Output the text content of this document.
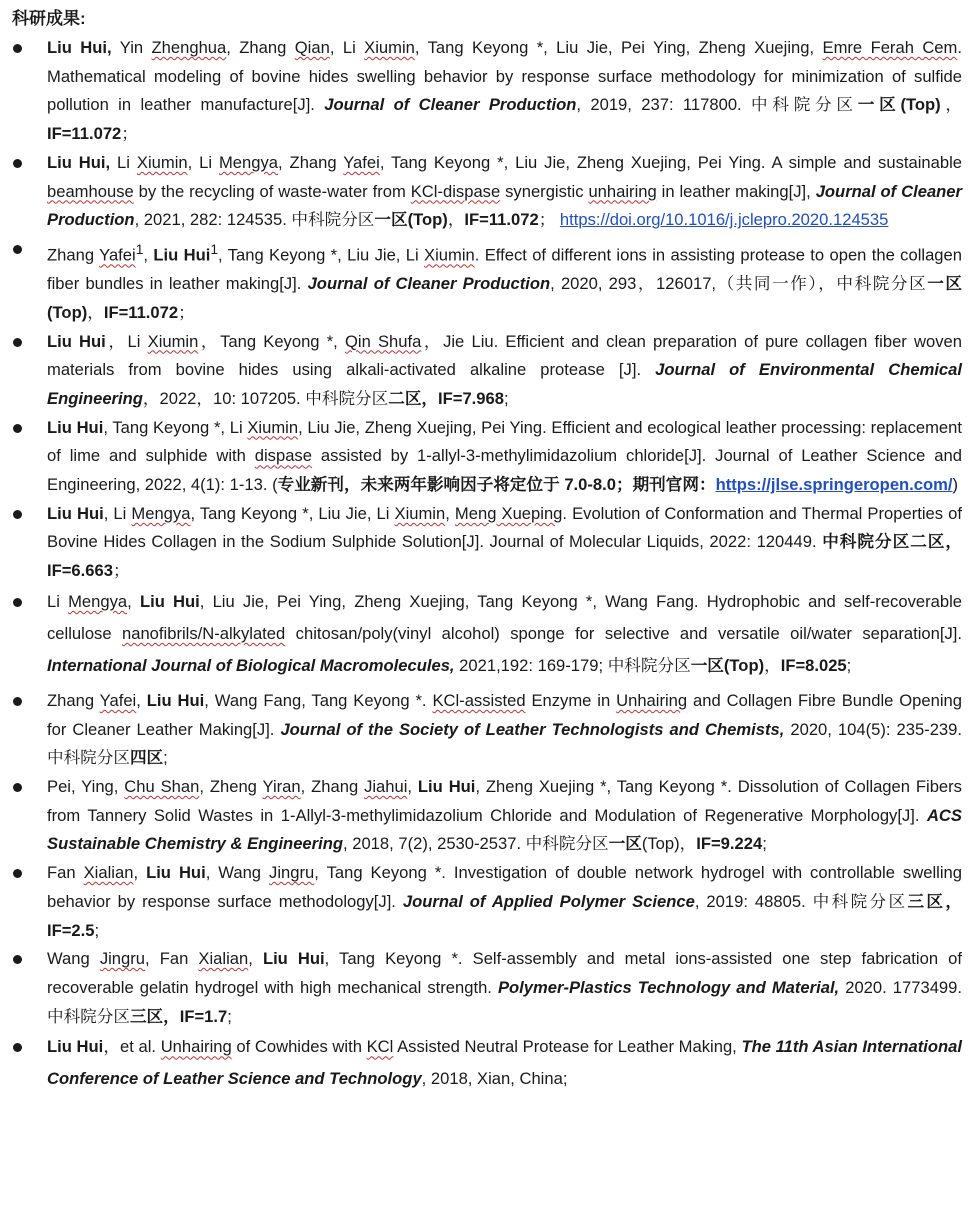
科研成果:
Liu Hui, Yin Zhenghua, Zhang Qian, Li Xiumin, Tang Keyong *, Liu Jie, Pei Ying, Zheng Xuejing, Emre Ferah Cem. Mathematical modeling of bovine hides swelling behavior by response surface methodology for minimization of sulfide pollution in leather manufacture[J]. Journal of Cleaner Production, 2019, 237: 117800. 中科院分区一区(Top)，IF=11.072；
Liu Hui, Li Xiumin, Li Mengya, Zhang Yafei, Tang Keyong *, Liu Jie, Zheng Xuejing, Pei Ying. A simple and sustainable beamhouse by the recycling of waste-water from KCl-dispase synergistic unhairing in leather making[J], Journal of Cleaner Production, 2021, 282: 124535. 中科院分区一区(Top)，IF=11.072； https://doi.org/10.1016/j.jclepro.2020.124535
Zhang Yafei$^1$, Liu Hui$^1$, Tang Keyong *, Liu Jie, Li Xiumin. Effect of different ions in assisting protease to open the collagen fiber bundles in leather making[J]. Journal of Cleaner Production, 2020, 293，126017,（共同一作），中科院分区一区(Top)，IF=11.072；
Liu Hui，Li Xiumin，Tang Keyong *, Qin Shufa，Jie Liu. Efficient and clean preparation of pure collagen fiber woven materials from bovine hides using alkali-activated alkaline protease [J]. Journal of Environmental Chemical Engineering，2022，10: 107205. 中科院分区二区，IF=7.968;
Liu Hui, Tang Keyong *, Li Xiumin, Liu Jie, Zheng Xuejing, Pei Ying. Efficient and ecological leather processing: replacement of lime and sulphide with dispase assisted by 1-allyl-3-methylimidazolium chloride[J]. Journal of Leather Science and Engineering, 2022, 4(1): 1-13. (专业新刊，未来两年影响因子将定位于 7.0-8.0；期刊官网：https://jlse.springeropen.com/)
Liu Hui, Li Mengya, Tang Keyong *, Liu Jie, Li Xiumin, Meng Xueping. Evolution of Conformation and Thermal Properties of Bovine Hides Collagen in the Sodium Sulphide Solution[J]. Journal of Molecular Liquids, 2022: 120449. 中科院分区二区，IF=6.663；
Li Mengya, Liu Hui, Liu Jie, Pei Ying, Zheng Xuejing, Tang Keyong *, Wang Fang. Hydrophobic and self-recoverable cellulose nanofibrils/N-alkylated chitosan/poly(vinyl alcohol) sponge for selective and versatile oil/water separation[J]. International Journal of Biological Macromolecules, 2021,192: 169-179; 中科院分区一区(Top)，IF=8.025;
Zhang Yafei, Liu Hui, Wang Fang, Tang Keyong *. KCl-assisted Enzyme in Unhairing and Collagen Fibre Bundle Opening for Cleaner Leather Making[J]. Journal of the Society of Leather Technologists and Chemists, 2020, 104(5): 235-239. 中科院分区四区;
Pei, Ying, Chu Shan, Zheng Yiran, Zhang Jiahui, Liu Hui, Zheng Xuejing *, Tang Keyong *. Dissolution of Collagen Fibers from Tannery Solid Wastes in 1-Allyl-3-methylimidazolium Chloride and Modulation of Regenerative Morphology[J]. ACS Sustainable Chemistry & Engineering, 2018, 7(2), 2530-2537. 中科院分区一区(Top)，IF=9.224;
Fan Xialian, Liu Hui, Wang Jingru, Tang Keyong *. Investigation of double network hydrogel with controllable swelling behavior by response surface methodology[J]. Journal of Applied Polymer Science, 2019: 48805. 中科院分区三区，IF=2.5;
Wang Jingru, Fan Xialian, Liu Hui, Tang Keyong *. Self-assembly and metal ions-assisted one step fabrication of recoverable gelatin hydrogel with high mechanical strength. Polymer-Plastics Technology and Material, 2020. 1773499. 中科院分区三区，IF=1.7;
Liu Hui，et al. Unhairing of Cowhides with KCl Assisted Neutral Protease for Leather Making, The 11th Asian International Conference of Leather Science and Technology, 2018, Xian, China;
